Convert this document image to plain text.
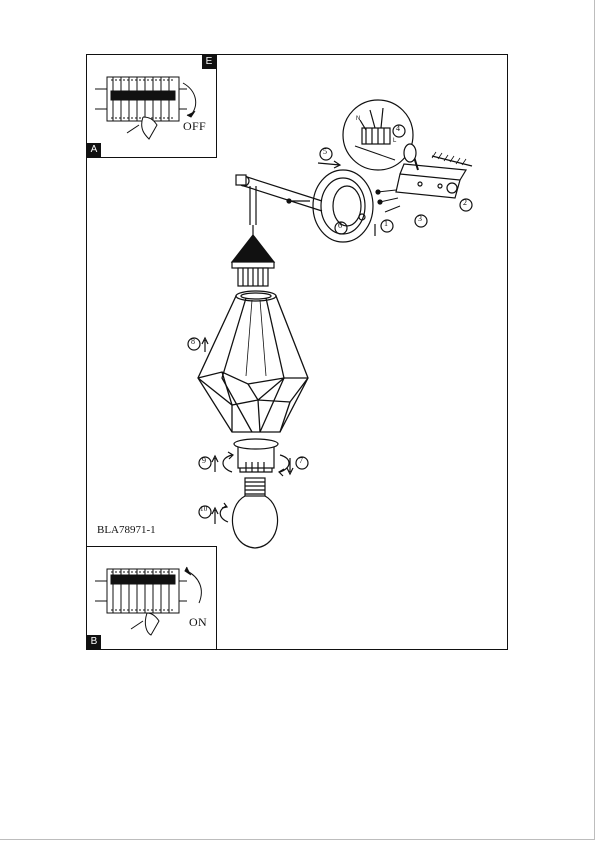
N
L
8
9	7
10
1
2
3
4
5
6
BLA78971-1
OFF
A
E
ON
B
